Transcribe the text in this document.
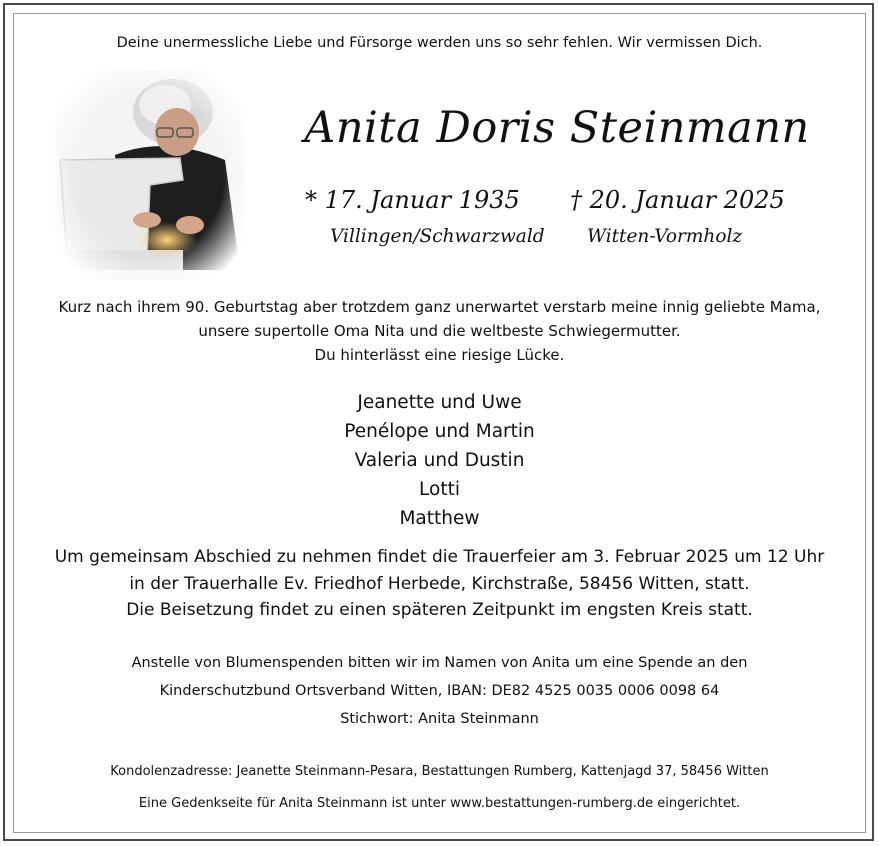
Deine unermessliche Liebe und Fürsorge werden uns so sehr fehlen. Wir vermissen Dich.
Anita Doris Steinmann
* 17. Januar 1935 † 20. Januar 2025
Villingen/Schwarzwald Witten-Vormholz
Kurz nach ihrem 90. Geburtstag aber trotzdem ganz unerwartet verstarb meine innig geliebte Mama,
unsere supertolle Oma Nita und die weltbeste Schwiegermutter.
Du hinterlässt eine riesige Lücke.
Jeanette und Uwe
Penélope und Martin
Valeria und Dustin
Lotti
Matthew
Um gemeinsam Abschied zu nehmen findet die Trauerfeier am 3. Februar 2025 um 12 Uhr
in der Trauerhalle Ev. Friedhof Herbede, Kirchstraße, 58456 Witten, statt.
Die Beisetzung findet zu einen späteren Zeitpunkt im engsten Kreis statt.
Anstelle von Blumenspenden bitten wir im Namen von Anita um eine Spende an den
Kinderschutzbund Ortsverband Witten, IBAN: DE82 4525 0035 0006 0098 64
Stichwort: Anita Steinmann
Kondolenzadresse: Jeanette Steinmann-Pesara, Bestattungen Rumberg, Kattenjagd 37, 58456 Witten
Eine Gedenkseite für Anita Steinmann ist unter www.bestattungen-rumberg.de eingerichtet.
